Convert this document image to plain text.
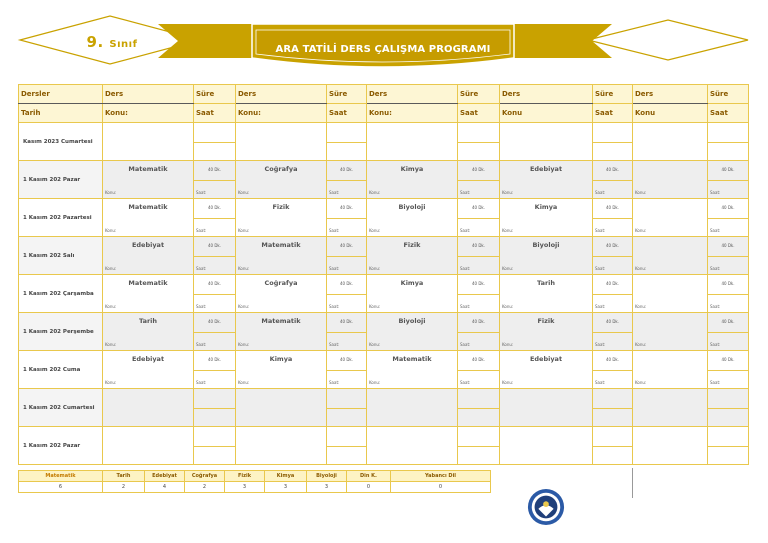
9. Sınıf	ARA TATİLİ DERS ÇALIŞMA PROGRAMI
Dersler	Ders	Süre	Ders	Süre	Ders	Süre	Ders	Süre	Ders	Süre
Tarih	Konu:	Saat	Konu:	Saat	Konu:	Saat	Konu	Saat	Konu	Saat
Kasım 2023 Cumartesi										

1 Kasım 202 Pazar	Matematik	40 Dk.	Coğrafya	40 Dk.	Kimya	40 Dk.	Edebiyat	40 Dk.		40 Dk.
	Konu:	Saat:	Konu:	Saat:	Konu:	Saat:	Konu:	Saat:	Konu:	Saat:
1 Kasım 202 Pazartesi	Matematik	40 Dk.	Fizik	40 Dk.	Biyoloji	40 Dk.	Kimya	40 Dk.		40 Dk.
	Konu:	Saat:	Konu:	Saat:	Konu:	Saat:	Konu:	Saat:	Konu:	Saat:
1 Kasım 202 Salı	Edebiyat	40 Dk.	Matematik	40 Dk.	Fizik	40 Dk.	Biyoloji	40 Dk.		40 Dk.
	Konu:	Saat:	Konu:	Saat:	Konu:	Saat:	Konu:	Saat:	Konu:	Saat:
1 Kasım 202 Çarşamba	Matematik	40 Dk.	Coğrafya	40 Dk.	Kimya	40 Dk.	Tarih	40 Dk.		40 Dk.
	Konu:	Saat:	Konu:	Saat:	Konu:	Saat:	Konu:	Saat:	Konu:	Saat:
1 Kasım 202 Perşembe	Tarih	40 Dk.	Matematik	40 Dk.	Biyoloji	40 Dk.	Fizik	40 Dk.		40 Dk.
	Konu:	Saat:	Konu:	Saat:	Konu:	Saat:	Konu:	Saat:	Konu:	Saat:
1 Kasım 202 Cuma	Edebiyat	40 Dk.	Kimya	40 Dk.	Matematik	40 Dk.	Edebiyat	40 Dk.		40 Dk.
	Konu:	Saat:	Konu:	Saat:	Konu:	Saat:	Konu:	Saat:	Konu:	Saat:
1 Kasım 202 Cumartesi										

1 Kasım 202 Pazar										

Matematik	Tarih	Edebiyat	Coğrafya	Fizik	Kimya	Biyoloji	Din K.	Yabancı Dil
6	2	4	2	3	3	3	0	0
